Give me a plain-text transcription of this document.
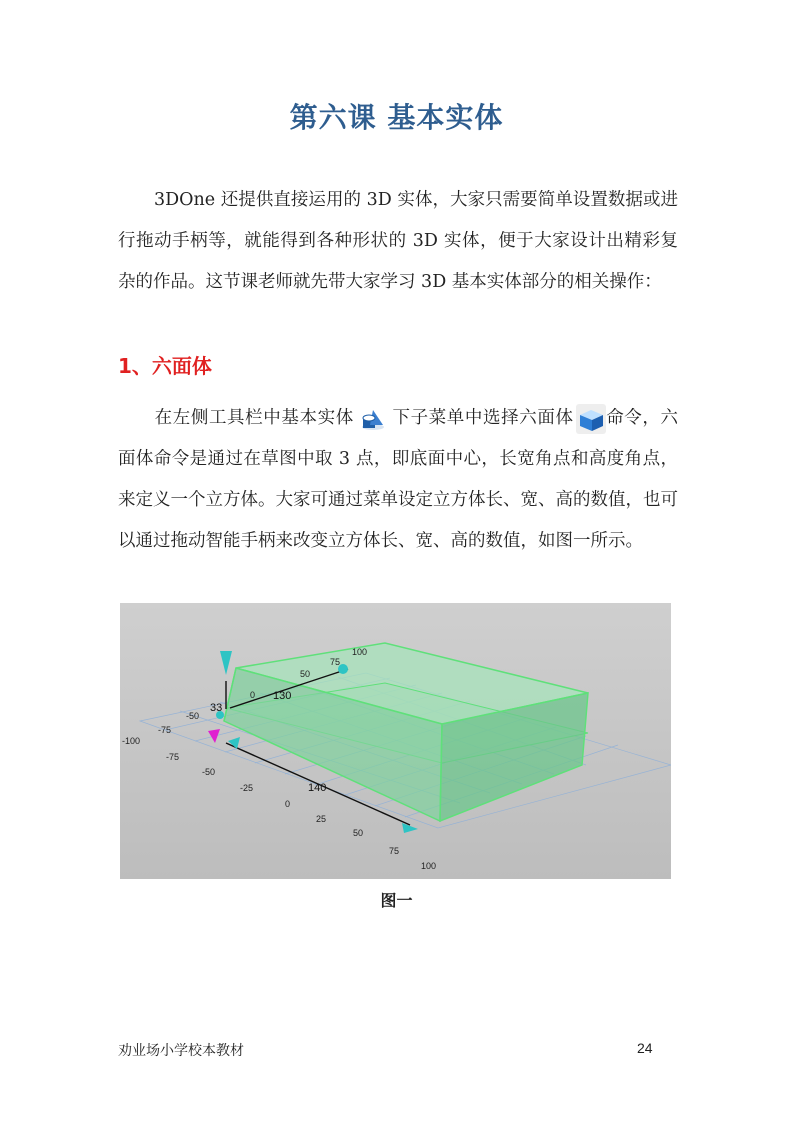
第六课 基本实体
3DOne 还提供直接运用的 3D 实体，大家只需要简单设置数据或进行拖动手柄等，就能得到各种形状的 3D 实体，便于大家设计出精彩复杂的作品。这节课老师就先带大家学习 3D 基本实体部分的相关操作：
1、六面体
在左侧工具栏中基本实体 下子菜单中选择六面体 命令，六面体命令是通过在草图中取 3 点，即底面中心，长宽角点和高度角点，来定义一个立方体。大家可通过菜单设定立方体长、宽、高的数值，也可以通过拖动智能手柄来改变立方体长、宽、高的数值，如图一所示。
140
130
33
-100
-75
-50
-25
0
25
50
75
100
-75
-50
0
50
75
100
图一
劝业场小学校本教材	24
